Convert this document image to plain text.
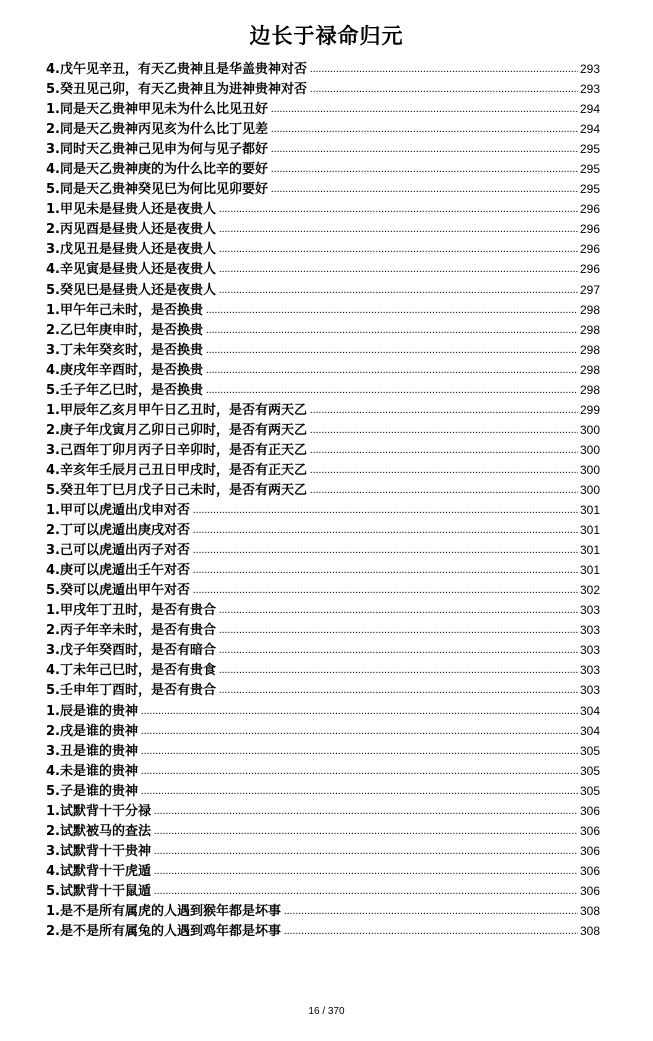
边长于禄命归元
4.戊午见辛丑，有天乙贵神且是华盖贵神对否 .....	293
5.癸丑见己卯，有天乙贵神且为进神贵神对否 .....	293
1.同是天乙贵神甲见未为什么比见丑好 .....	294
2.同是天乙贵神丙见亥为什么比丁见差 .....	294
3.同时天乙贵神己见申为何与见子都好 .....	295
4.同是天乙贵神庚的为什么比辛的要好 .....	295
5.同是天乙贵神癸见巳为何比见卯要好 .....	295
1.甲见未是昼贵人还是夜贵人 .....	296
2.丙见酉是昼贵人还是夜贵人 .....	296
3.戊见丑是昼贵人还是夜贵人 .....	296
4.辛见寅是昼贵人还是夜贵人 .....	296
5.癸见巳是昼贵人还是夜贵人 .....	297
1.甲午年己未时，是否换贵 .....	298
2.乙巳年庚申时，是否换贵 .....	298
3.丁未年癸亥时，是否换贵 .....	298
4.庚戌年辛酉时，是否换贵 .....	298
5.壬子年乙巳时，是否换贵 .....	298
1.甲辰年乙亥月甲午日乙丑时，是否有两天乙 .....	299
2.庚子年戊寅月乙卯日己卯时，是否有两天乙 .....	300
3.己酉年丁卯月丙子日辛卯时，是否有正天乙 .....	300
4.辛亥年壬辰月己丑日甲戌时，是否有正天乙 .....	300
5.癸丑年丁巳月戊子日己未时，是否有两天乙 .....	300
1.甲可以虎遁出戊申对否 .....	301
2.丁可以虎遁出庚戌对否 .....	301
3.己可以虎遁出丙子对否 .....	301
4.庚可以虎遁出壬午对否 .....	301
5.癸可以虎遁出甲午对否 .....	302
1.甲戌年丁丑时，是否有贵合 .....	303
2.丙子年辛未时，是否有贵合 .....	303
3.戊子年癸酉时，是否有暗合 .....	303
4.丁未年己巳时，是否有贵食 .....	303
5.壬申年丁酉时，是否有贵合 .....	303
1.辰是谁的贵神 .....	304
2.戌是谁的贵神 .....	304
3.丑是谁的贵神 .....	305
4.未是谁的贵神 .....	305
5.子是谁的贵神 .....	305
1.试默背十干分禄 .....	306
2.试默被马的查法 .....	306
3.试默背十干贵神 .....	306
4.试默背十干虎遁 .....	306
5.试默背十干鼠遁 .....	306
1.是不是所有属虎的人遇到猴年都是坏事 .....	308
2.是不是所有属兔的人遇到鸡年都是坏事 .....	308
16 / 370
